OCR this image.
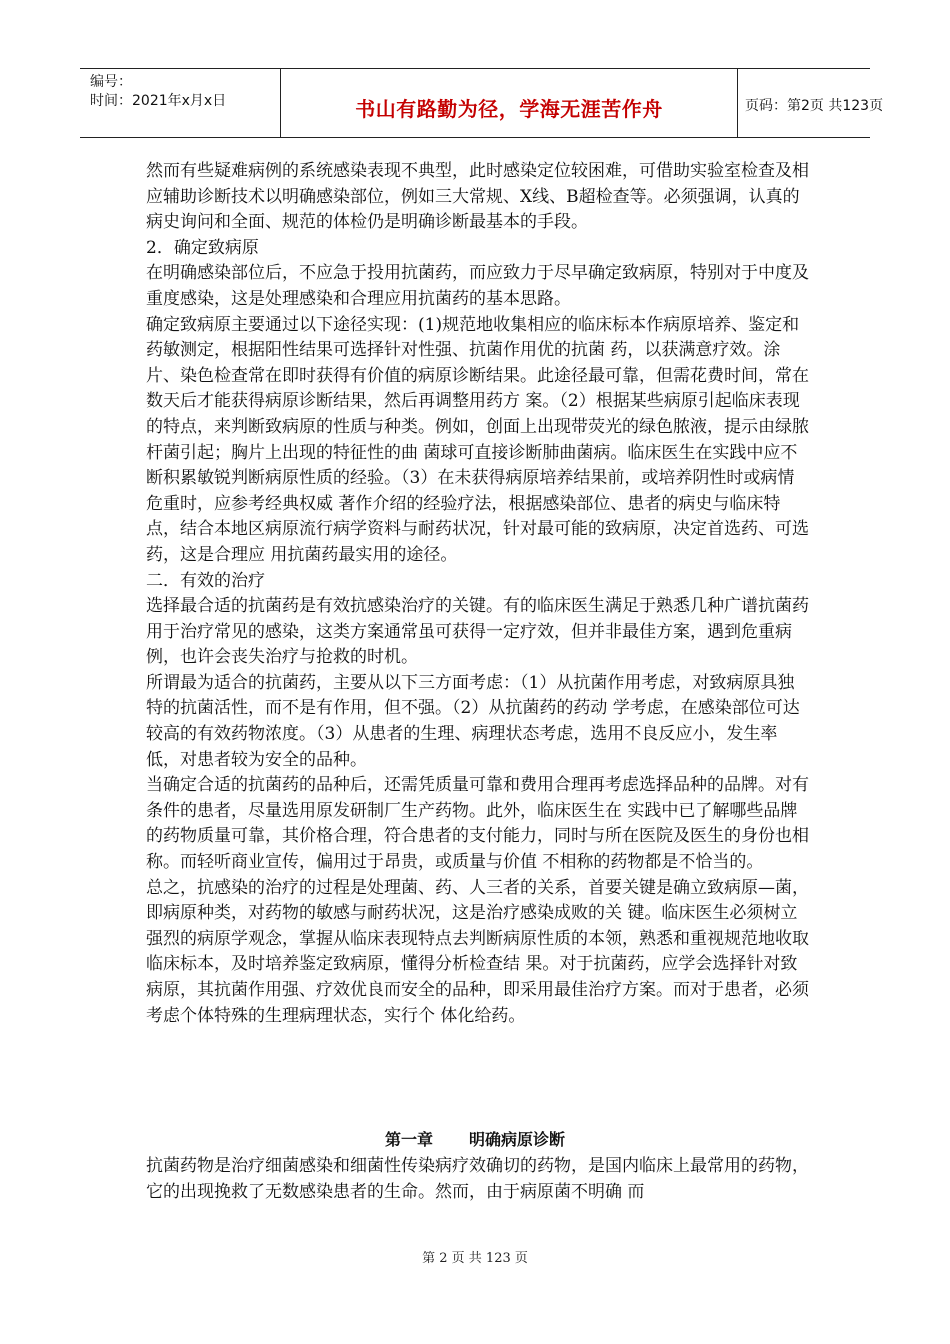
编号：
时间：2021年x月x日	书山有路勤为径，学海无涯苦作舟	页码：第2页 共123页

然而有些疑难病例的系统感染表现不典型，此时感染定位较困难，可借助实验室检查及相应辅助诊断技术以明确感染部位，例如三大常规、X线、B超检查等。必须强调，认真的病史询问和全面、规范的体检仍是明确诊断最基本的手段。

2．确定致病原

在明确感染部位后，不应急于投用抗菌药，而应致力于尽早确定致病原，特别对于中度及重度感染，这是处理感染和合理应用抗菌药的基本思路。

确定致病原主要通过以下途径实现：(1)规范地收集相应的临床标本作病原培养、鉴定和药敏测定，根据阳性结果可选择针对性强、抗菌作用优的抗菌 药，以获满意疗效。涂片、染色检查常在即时获得有价值的病原诊断结果。此途径最可靠，但需花费时间，常在数天后才能获得病原诊断结果，然后再调整用药方 案。（2）根据某些病原引起临床表现的特点，来判断致病原的性质与种类。例如，创面上出现带荧光的绿色脓液，提示由绿脓杆菌引起；胸片上出现的特征性的曲 菌球可直接诊断肺曲菌病。临床医生在实践中应不断积累敏锐判断病原性质的经验。（3）在未获得病原培养结果前，或培养阴性时或病情危重时，应参考经典权威 著作介绍的经验疗法，根据感染部位、患者的病史与临床特点，结合本地区病原流行病学资料与耐药状况，针对最可能的致病原，决定首选药、可选药，这是合理应 用抗菌药最实用的途径。

二．有效的治疗

选择最合适的抗菌药是有效抗感染治疗的关键。有的临床医生满足于熟悉几种广谱抗菌药用于治疗常见的感染，这类方案通常虽可获得一定疗效，但并非最佳方案，遇到危重病例，也许会丧失治疗与抢救的时机。

所谓最为适合的抗菌药，主要从以下三方面考虑：（1）从抗菌作用考虑，对致病原具独特的抗菌活性，而不是有作用，但不强。（2）从抗菌药的药动 学考虑，在感染部位可达较高的有效药物浓度。（3）从患者的生理、病理状态考虑，选用不良反应小，发生率低，对患者较为安全的品种。

当确定合适的抗菌药的品种后，还需凭质量可靠和费用合理再考虑选择品种的品牌。对有条件的患者，尽量选用原发研制厂生产药物。此外，临床医生在 实践中已了解哪些品牌的药物质量可靠，其价格合理，符合患者的支付能力，同时与所在医院及医生的身份也相称。而轻听商业宣传，偏用过于昂贵，或质量与价值 不相称的药物都是不恰当的。

总之，抗感染的治疗的过程是处理菌、药、人三者的关系，首要关键是确立致病原—菌，即病原种类，对药物的敏感与耐药状况，这是治疗感染成败的关 键。临床医生必须树立强烈的病原学观念，掌握从临床表现特点去判断病原性质的本领，熟悉和重视规范地收取临床标本，及时培养鉴定致病原，懂得分析检查结 果。对于抗菌药，应学会选择针对致病原，其抗菌作用强、疗效优良而安全的品种，即采用最佳治疗方案。而对于患者，必须考虑个体特殊的生理病理状态，实行个 体化给药。

第一章 明确病原诊断

抗菌药物是治疗细菌感染和细菌性传染病疗效确切的药物，是国内临床上最常用的药物，它的出现挽救了无数感染患者的生命。然而，由于病原菌不明确 而

第 2 页 共 123 页
